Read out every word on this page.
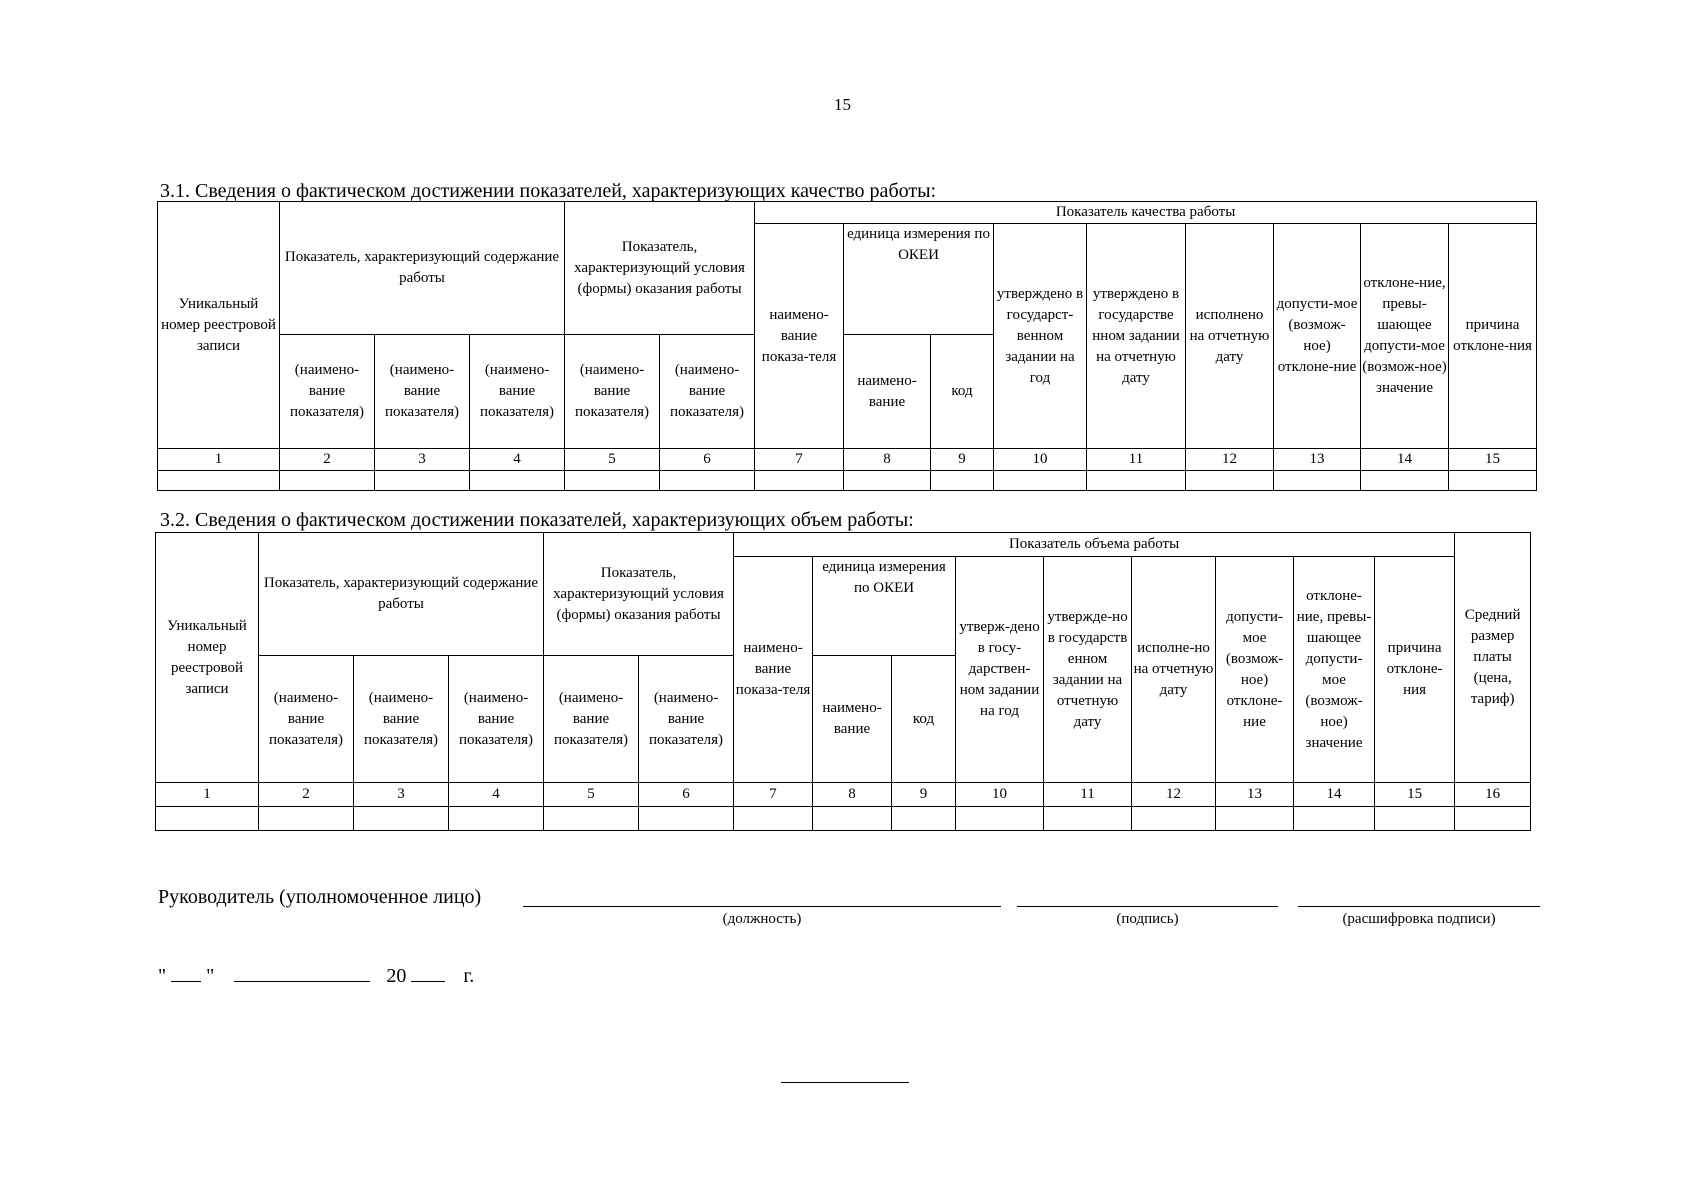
15
3.1. Сведения о фактическом достижении показателей, характеризующих качество работы:
Уникальный номер реестровой записи	Показатель, характеризующий содержание работы			Показатель, характеризующий условия (формы) оказания работы		Показатель качества работы								
						наимено-вание показа-теля	единица измерения по ОКЕИ		утверждено в государст-венном задании на год	утверждено в государстве нном задании на отчетную дату	исполнено на отчетную дату	допусти-мое (возмож-ное) отклоне-ние	отклоне-ние, превы-шающее допусти-мое (возмож-ное) значение	причина отклоне-ния
	(наимено-вание показателя)	(наимено-вание показателя)	(наимено-вание показателя)	(наимено-вание показателя)	(наимено-вание показателя)		наимено-вание	код						
1	2	3	4	5	6	7	8	9	10	11	12	13	14	15

3.2. Сведения о фактическом достижении показателей, характеризующих объем работы:
Уникальный номер реестровой записи	Показатель, характеризующий содержание работы			Показатель, характеризующий условия (формы) оказания работы		Показатель объема работы									Средний размер платы (цена, тариф)
						наимено-вание показа-теля	единица измерения по ОКЕИ		утверж-дено в госу-дарствен-ном задании на год	утвержде-но в государств енном задании на отчетную дату	исполне-но на отчетную дату	допусти-мое (возмож-ное) отклоне-ние	отклоне-ние, превы-шающее допусти-мое (возмож-ное) значение	причина отклоне-ния	
	(наимено-вание показателя)	(наимено-вание показателя)	(наимено-вание показателя)	(наимено-вание показателя)	(наимено-вание показателя)		наимено-вание	код							
1	2	3	4	5	6	7	8	9	10	11	12	13	14	15	16

Руководитель (уполномоченное лицо)
(должность)	(подпись)	(расшифровка подписи)
" "	20	г.
